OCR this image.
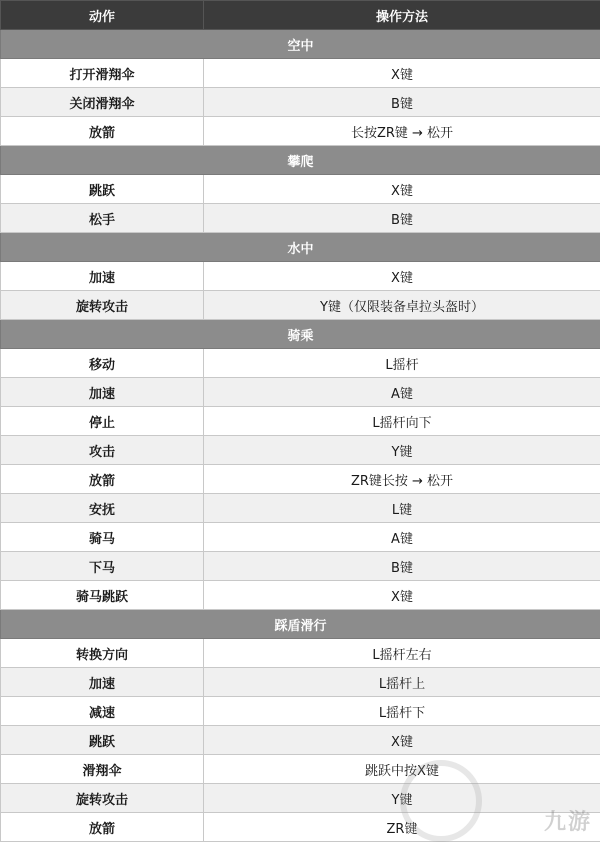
动作	操作方法
空中	
打开滑翔伞	X键
关闭滑翔伞	B键
放箭	长按ZR键 → 松开
攀爬	
跳跃	X键
松手	B键
水中	
加速	X键
旋转攻击	Y键（仅限装备卓拉头盔时）
骑乘	
移动	L摇杆
加速	A键
停止	L摇杆向下
攻击	Y键
放箭	ZR键长按 → 松开
安抚	L键
骑马	A键
下马	B键
骑马跳跃	X键
踩盾滑行	
转换方向	L摇杆左右
加速	L摇杆上
减速	L摇杆下
跳跃	X键
滑翔伞	跳跃中按X键
旋转攻击	Y键
放箭	ZR键	九游
